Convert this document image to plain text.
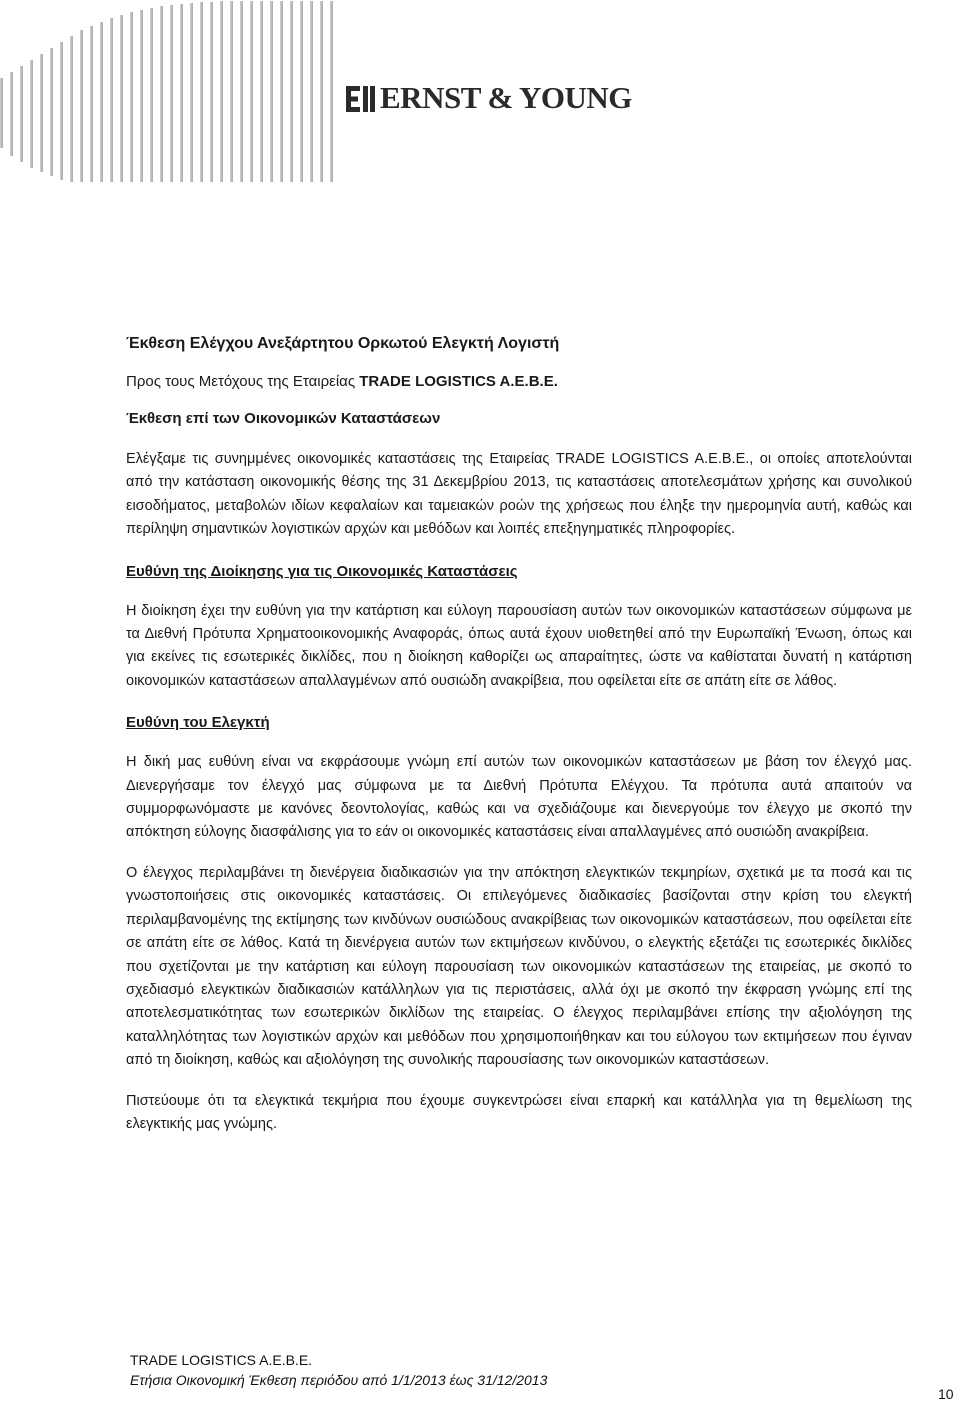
ERNST & YOUNG
Έκθεση Ελέγχου Ανεξάρτητου Ορκωτού Ελεγκτή Λογιστή
Προς τους Μετόχους της Εταιρείας TRADE LOGISTICS A.E.B.E.
Έκθεση επί των Οικονομικών Καταστάσεων

Ελέγξαμε τις συνημμένες οικονομικές καταστάσεις της Εταιρείας TRADE LOGISTICS A.E.B.E., οι οποίες αποτελούνται από την κατάσταση οικονομικής θέσης της 31 Δεκεμβρίου 2013, τις καταστάσεις αποτελεσμάτων χρήσης και συνολικού εισοδήματος, μεταβολών ιδίων κεφαλαίων και ταμειακών ροών της χρήσεως που έληξε την ημερομηνία αυτή, καθώς και περίληψη σημαντικών λογιστικών αρχών και μεθόδων και λοιπές επεξηγηματικές πληροφορίες.

Ευθύνη της Διοίκησης για τις Οικονομικές Καταστάσεις

Η διοίκηση έχει την ευθύνη για την κατάρτιση και εύλογη παρουσίαση αυτών των οικονομικών καταστάσεων σύμφωνα με τα Διεθνή Πρότυπα Χρηματοοικονομικής Αναφοράς, όπως αυτά έχουν υιοθετηθεί από την Ευρωπαϊκή Ένωση, όπως και για εκείνες τις εσωτερικές δικλίδες, που η διοίκηση καθορίζει ως απαραίτητες, ώστε να καθίσταται δυνατή η κατάρτιση οικονομικών καταστάσεων απαλλαγμένων από ουσιώδη ανακρίβεια, που οφείλεται είτε σε απάτη είτε σε λάθος.

Ευθύνη του Ελεγκτή

Η δική μας ευθύνη είναι να εκφράσουμε γνώμη επί αυτών των οικονομικών καταστάσεων με βάση τον έλεγχό μας. Διενεργήσαμε τον έλεγχό μας σύμφωνα με τα Διεθνή Πρότυπα Ελέγχου. Τα πρότυπα αυτά απαιτούν να συμμορφωνόμαστε με κανόνες δεοντολογίας, καθώς και να σχεδιάζουμε και διενεργούμε τον έλεγχο με σκοπό την απόκτηση εύλογης διασφάλισης για το εάν οι οικονομικές καταστάσεις είναι απαλλαγμένες από ουσιώδη ανακρίβεια.

Ο έλεγχος περιλαμβάνει τη διενέργεια διαδικασιών για την απόκτηση ελεγκτικών τεκμηρίων, σχετικά με τα ποσά και τις γνωστοποιήσεις στις οικονομικές καταστάσεις. Οι επιλεγόμενες διαδικασίες βασίζονται στην κρίση του ελεγκτή περιλαμβανομένης της εκτίμησης των κινδύνων ουσιώδους ανακρίβειας των οικονομικών καταστάσεων, που οφείλεται είτε σε απάτη είτε σε λάθος. Κατά τη διενέργεια αυτών των εκτιμήσεων κινδύνου, ο ελεγκτής εξετάζει τις εσωτερικές δικλίδες που σχετίζονται με την κατάρτιση και εύλογη παρουσίαση των οικονομικών καταστάσεων της εταιρείας, με σκοπό το σχεδιασμό ελεγκτικών διαδικασιών κατάλληλων για τις περιστάσεις, αλλά όχι με σκοπό την έκφραση γνώμης επί της αποτελεσματικότητας των εσωτερικών δικλίδων της εταιρείας. Ο έλεγχος περιλαμβάνει επίσης την αξιολόγηση της καταλληλότητας των λογιστικών αρχών και μεθόδων που χρησιμοποιήθηκαν και του εύλογου των εκτιμήσεων που έγιναν από τη διοίκηση, καθώς και αξιολόγηση της συνολικής παρουσίασης των οικονομικών καταστάσεων.

Πιστεύουμε ότι τα ελεγκτικά τεκμήρια που έχουμε συγκεντρώσει είναι επαρκή και κατάλληλα για τη θεμελίωση της ελεγκτικής μας γνώμης.

TRADE LOGISTICS A.E.B.E.
Ετήσια Οικονομική Έκθεση περιόδου από 1/1/2013 έως 31/12/2013
10
